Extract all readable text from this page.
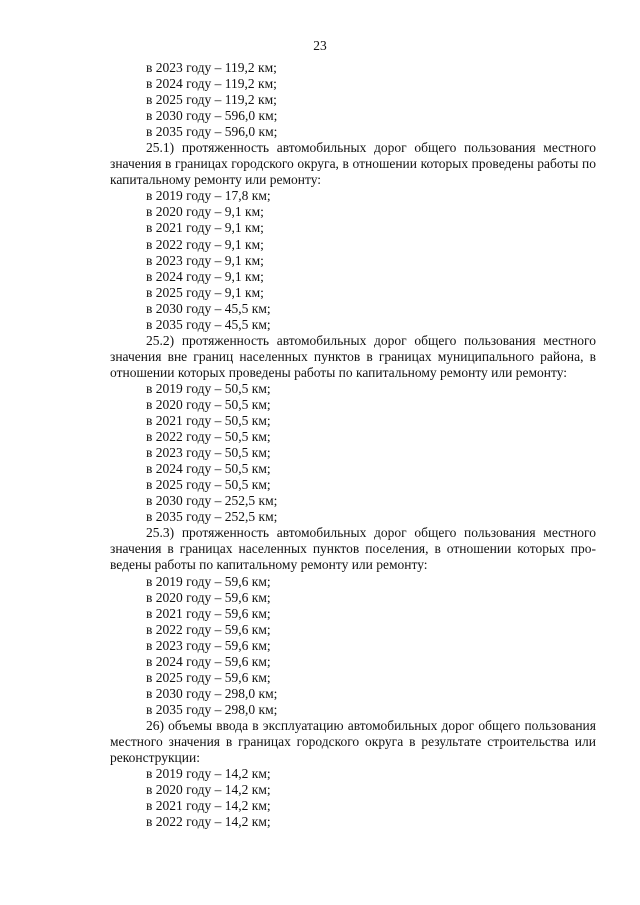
23
в 2023 году – 119,2 км;
в 2024 году – 119,2 км;
в 2025 году – 119,2 км;
в 2030 году – 596,0 км;
в 2035 году – 596,0 км;
25.1) протяженность автомобильных дорог общего пользования местного значения в границах городского округа, в отношении которых проведены работы по капитальному ремонту или ремонту:
в 2019 году – 17,8 км;
в 2020 году – 9,1 км;
в 2021 году – 9,1 км;
в 2022 году – 9,1 км;
в 2023 году – 9,1 км;
в 2024 году – 9,1 км;
в 2025 году – 9,1 км;
в 2030 году – 45,5 км;
в 2035 году – 45,5 км;
25.2) протяженность автомобильных дорог общего пользования местного значения вне границ населенных пунктов в границах муниципального района, в отношении которых проведены работы по капитальному ремонту или ремонту:
в 2019 году – 50,5 км;
в 2020 году – 50,5 км;
в 2021 году – 50,5 км;
в 2022 году – 50,5 км;
в 2023 году – 50,5 км;
в 2024 году – 50,5 км;
в 2025 году – 50,5 км;
в 2030 году – 252,5 км;
в 2035 году – 252,5 км;
25.3) протяженность автомобильных дорог общего пользования местного значения в границах населенных пунктов поселения, в отношении которых проведены работы по капитальному ремонту или ремонту:
в 2019 году – 59,6 км;
в 2020 году – 59,6 км;
в 2021 году – 59,6 км;
в 2022 году – 59,6 км;
в 2023 году – 59,6 км;
в 2024 году – 59,6 км;
в 2025 году – 59,6 км;
в 2030 году – 298,0 км;
в 2035 году – 298,0 км;
26) объемы ввода в эксплуатацию автомобильных дорог общего пользования местного значения в границах городского округа в результате строительства или реконструкции:
в 2019 году – 14,2 км;
в 2020 году – 14,2 км;
в 2021 году – 14,2 км;
в 2022 году – 14,2 км;
